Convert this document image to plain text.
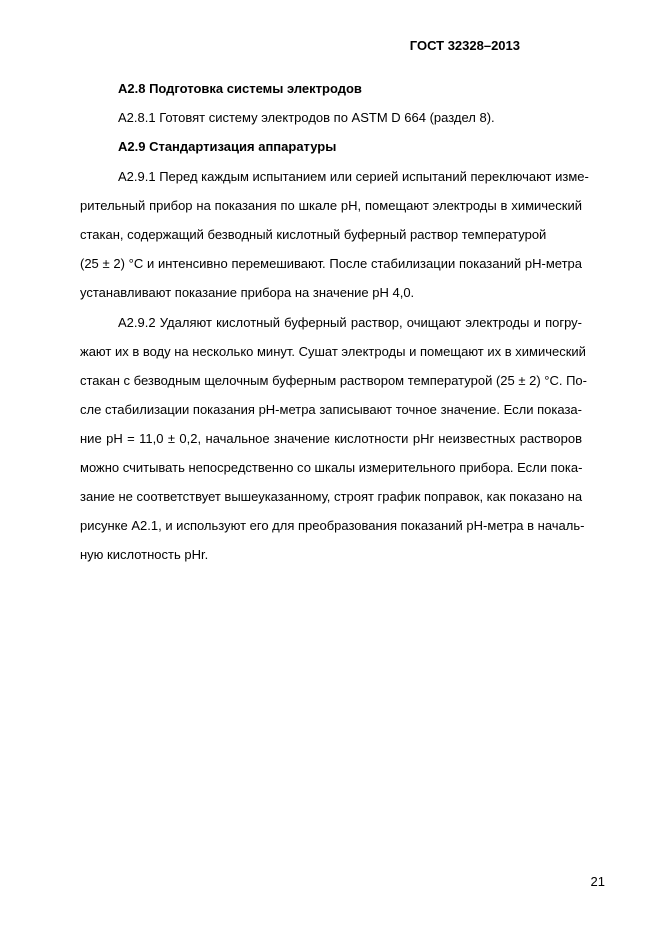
ГОСТ 32328–2013
А2.8 Подготовка системы электродов
А2.8.1 Готовят систему электродов по ASTM D 664 (раздел 8).
А2.9 Стандартизация аппаратуры
А2.9.1 Перед каждым испытанием или серией испытаний переключают изме-
рительный прибор на показания по шкале рН, помещают электроды в химический
стакан, содержащий безводный кислотный буферный раствор температурой
(25 ± 2) °С и интенсивно перемешивают. После стабилизации показаний рН-метра
устанавливают показание прибора на значение рН 4,0.
А2.9.2 Удаляют кислотный буферный раствор, очищают электроды и погру-
жают их в воду на несколько минут. Сушат электроды и помещают их в химический
стакан с безводным щелочным буферным раствором температурой (25 ± 2) °С. По-
сле стабилизации показания рН-метра записывают точное значение. Если показа-
ние рН = 11,0 ± 0,2, начальное значение кислотности рНr неизвестных растворов
можно считывать непосредственно со шкалы измерительного прибора. Если пока-
зание не соответствует вышеуказанному, строят график поправок, как показано на
рисунке А2.1, и используют его для преобразования показаний рН-метра в началь-
ную кислотность рНr.
21
